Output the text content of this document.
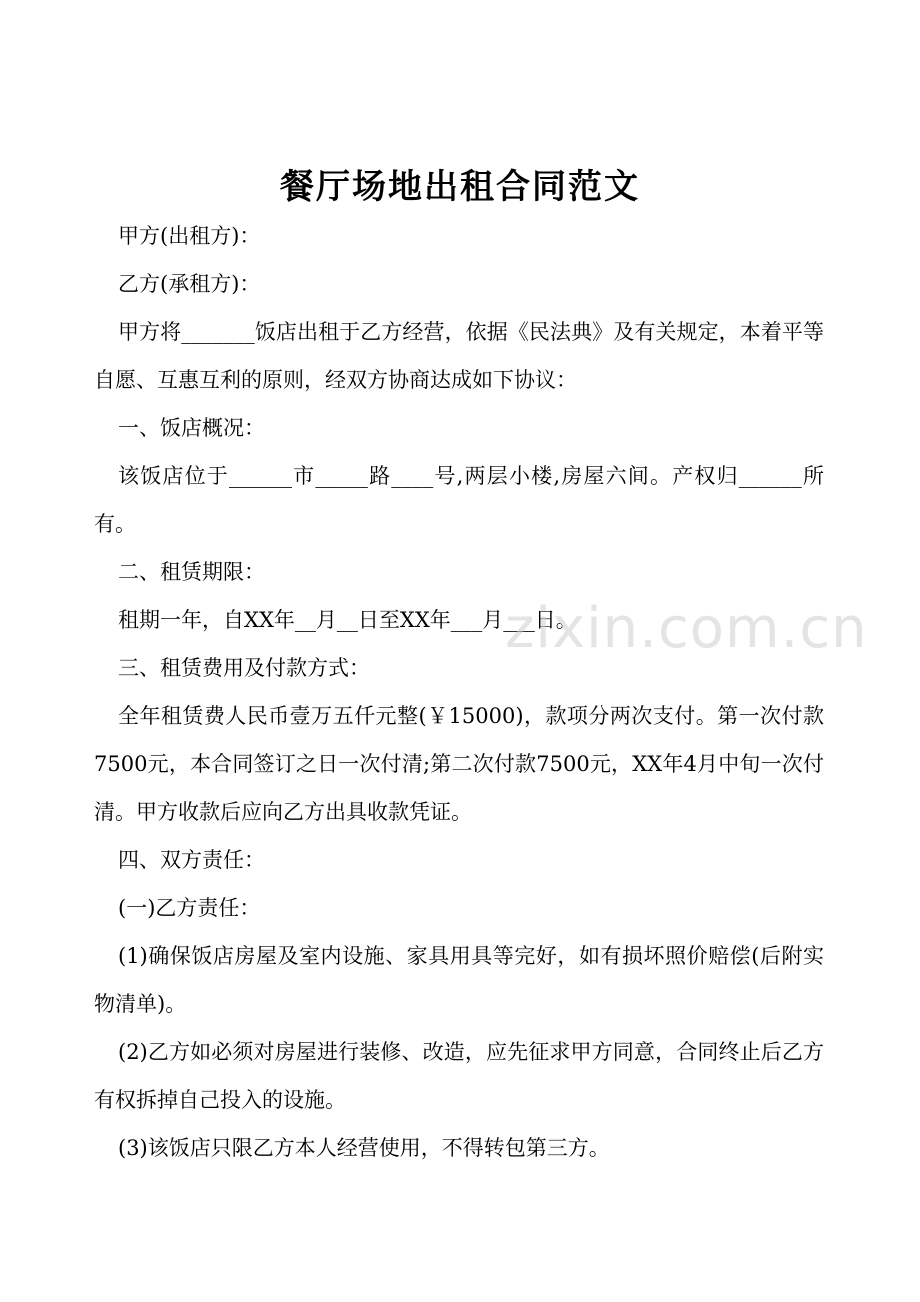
餐厅场地出租合同范文

甲方(出租方)：

乙方(承租方)：

甲方将_______饭店出租于乙方经营，依据《民法典》及有关规定，本着平等自愿、互惠互利的原则，经双方协商达成如下协议：

一、饭店概况：

该饭店位于______市_____路____号,两层小楼,房屋六间。产权归______所有。

二、租赁期限：

租期一年，自XX年__月__日至XX年___月___日。

三、租赁费用及付款方式：

全年租赁费人民币壹万五仟元整(￥15000)，款项分两次支付。第一次付款7500元，本合同签订之日一次付清;第二次付款7500元，XX年4月中旬一次付清。甲方收款后应向乙方出具收款凭证。

四、双方责任：

(一)乙方责任：

(1)确保饭店房屋及室内设施、家具用具等完好，如有损坏照价赔偿(后附实物清单)。

(2)乙方如必须对房屋进行装修、改造，应先征求甲方同意，合同终止后乙方有权拆掉自己投入的设施。

(3)该饭店只限乙方本人经营使用，不得转包第三方。

zixin.com.cn
